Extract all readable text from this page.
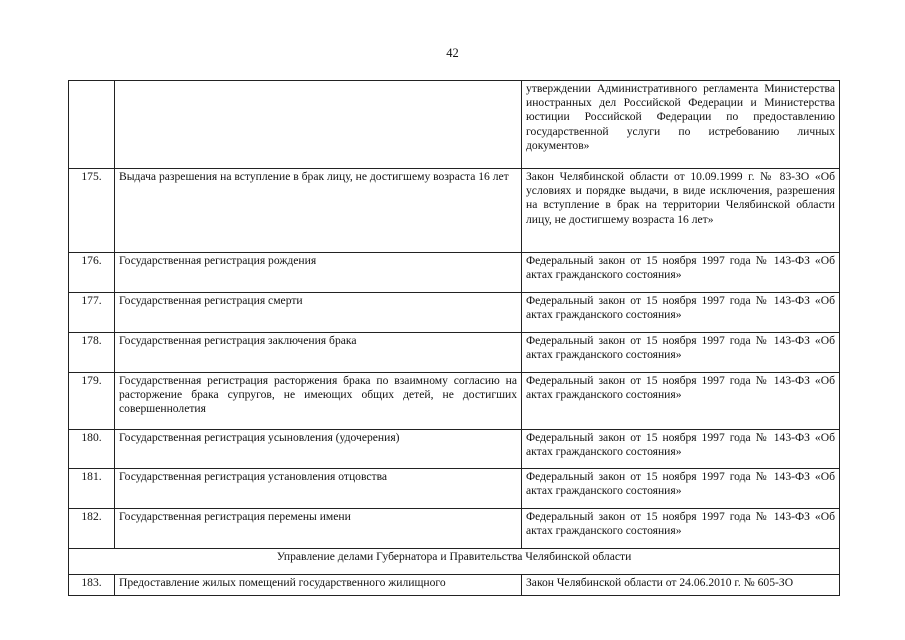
42
		утверждении Административного регламента Министерства иностранных дел Российской Федерации и Министерства юстиции Российской Федерации по предоставлению государственной услуги по истребованию личных документов»
175.	Выдача разрешения на вступление в брак лицу, не достигшему возраста 16 лет	Закон Челябинской области от 10.09.1999 г. № 83-ЗО «Об условиях и порядке выдачи, в виде исключения, разрешения на вступление в брак на территории Челябинской области лицу, не достигшему возраста 16 лет»
176.	Государственная регистрация рождения	Федеральный закон от 15 ноября 1997 года № 143-ФЗ «Об актах гражданского состояния»
177.	Государственная регистрация смерти	Федеральный закон от 15 ноября 1997 года № 143-ФЗ «Об актах гражданского состояния»
178.	Государственная регистрация заключения брака	Федеральный закон от 15 ноября 1997 года № 143-ФЗ «Об актах гражданского состояния»
179.	Государственная регистрация расторжения брака по взаимному согласию на расторжение брака супругов, не имеющих общих детей, не достигших совершеннолетия	Федеральный закон от 15 ноября 1997 года № 143-ФЗ «Об актах гражданского состояния»
180.	Государственная регистрация усыновления (удочерения)	Федеральный закон от 15 ноября 1997 года № 143-ФЗ «Об актах гражданского состояния»
181.	Государственная регистрация установления отцовства	Федеральный закон от 15 ноября 1997 года № 143-ФЗ «Об актах гражданского состояния»
182.	Государственная регистрация перемены имени	Федеральный закон от 15 ноября 1997 года № 143-ФЗ «Об актах гражданского состояния»
Управление делами Губернатора и Правительства Челябинской области		
183.	Предоставление жилых помещений государственного жилищного	Закон Челябинской области от 24.06.2010 г. № 605-ЗО
